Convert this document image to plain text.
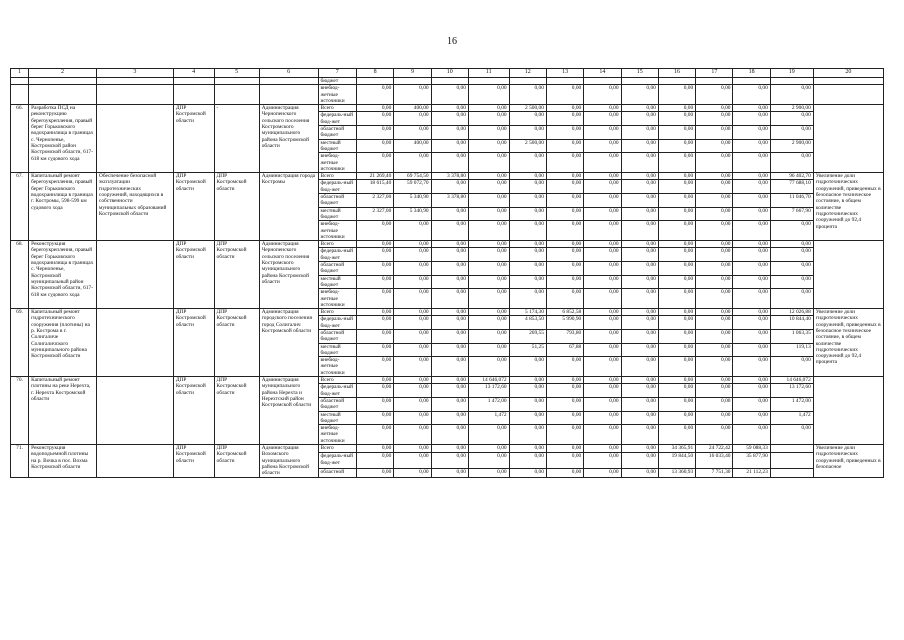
16
1	2	3	4	5	6	7	8	9	10	11	12	13	14	15	16	17	18	19	20
						бюджет													
						внебюд-жетные источники	0,00	0,00	0,00	0,00	0,00	0,00	0,00	0,00	0,00	0,00	0,00	0,00	
66.	Разработка ПСД на реконструкцию берегоукрепления, правый берег Горьковского водохранилища в границах с. Чернопенье, Костромской район Костромской области, 617-618 км судового хода		ДПР Костромской области	-	Администрация Чернопенского сельского поселения Костромского муниципального района Костромской области	Всего	0,00	400,00	0,00	0,00	2 500,00	0,00	0,00	0,00	0,00	0,00	0,00	2 900,00	
						федераль-ный бюд-жет	0,00	0,00	0,00	0,00	0,00	0,00	0,00	0,00	0,00	0,00	0,00	0,00	
						областной бюджет	0,00	0,00	0,00	0,00	0,00	0,00	0,00	0,00	0,00	0,00	0,00	0,00	
						местный бюджет	0,00	400,00	0,00	0,00	2 500,00	0,00	0,00	0,00	0,00	0,00	0,00	2 900,00	
						внебюд-жетные источники	0,00	0,00	0,00	0,00	0,00	0,00	0,00	0,00	0,00	0,00	0,00	0,00	
67.	Капитальный ремонт берегоукрепления, правый берег Горьковского водохранилища в границах г. Костромы, 598-599 км судового хода	Обеспечение безопасной эксплуатации гидротехнических сооружений, находящихся в собственности муниципальных образований Костромской области	ДПР Костромской области	ДПР Костромской области	Администрация города Костромы	Всего	21 269,40	69 754,50	3 378,80	0,00	0,00	0,00	0,00	0,00	0,00	0,00	0,00	96 402,70	Увеличение доли гидротехнических сооружений, приведенных в безопасное техническое состояние, в общем количестве гидротехнических сооружений до 92,4 процента
						федераль-ный бюд-жет	18 615,40	59 072,70	0,00	0,00	0,00	0,00	0,00	0,00	0,00	0,00	0,00	77 688,10	
						областной бюджет	2 327,00	5 340,90	3 378,80	0,00	0,00	0,00	0,00	0,00	0,00	0,00	0,00	11 046,70	
						местный бюджет	2 327,00	5 340,90	0,00	0,00	0,00	0,00	0,00	0,00	0,00	0,00	0,00	7 667,90	
						внебюд-жетные источники	0,00	0,00	0,00	0,00	0,00	0,00	0,00	0,00	0,00	0,00	0,00	0,00	
68.	Реконструкция берегоукрепления, правый берег Горьковского водохранилища в границах с. Чернопенье, Костромской муниципальный район Костромской области, 617-618 км судового хода		ДПР Костромской области	ДПР Костромской области	Администрация Чернопенского сельского поселения Костромского муниципального района Костромской области	Всего	0,00	0,00	0,00	0,00	0,00	0,00	0,00	0,00	0,00	0,00	0,00	0,00	
						федераль-ный бюд-жет	0,00	0,00	0,00	0,00	0,00	0,00	0,00	0,00	0,00	0,00	0,00	0,00	
						областной бюджет	0,00	0,00	0,00	0,00	0,00	0,00	0,00	0,00	0,00	0,00	0,00	0,00	
						местный бюджет	0,00	0,00	0,00	0,00	0,00	0,00	0,00	0,00	0,00	0,00	0,00	0,00	
						внебюд-жетные источники	0,00	0,00	0,00	0,00	0,00	0,00	0,00	0,00	0,00	0,00	0,00	0,00	
69.	Капитальный ремонт гидротехнического сооружения (плотины) на р. Кострома в г. Солигаличе Солигаличского муниципального района Костромской области		ДПР Костромской области	ДПР Костромской области	Администрация городского поселения город Солигалич Костромской области	Всего	0,00	0,00	0,00	0,00	5 174,30	6 852,58	0,00	0,00	0,00	0,00	0,00	12 026,88	Увеличение доли гидротехнических сооружений, приведенных в безопасное техническое состояние, в общем количестве гидротехнических сооружений до 92,4 процента
						федераль-ный бюд-жет	0,00	0,00	0,00	0,00	4 853,50	5 990,90	0,00	0,00	0,00	0,00	0,00	10 844,40	
						областной бюджет	0,00	0,00	0,00	0,00	269,55	793,80	0,00	0,00	0,00	0,00	0,00	1 063,35	
						местный бюджет	0,00	0,00	0,00	0,00	51,25	67,88	0,00	0,00	0,00	0,00	0,00	119,13	
						внебюд-жетные источники	0,00	0,00	0,00	0,00	0,00	0,00	0,00	0,00	0,00	0,00	0,00	0,00	
70.	Капитальный ремонт плотины на реке Нерехта, г. Нерехта Костромской области		ДПР Костромской области	ДПР Костромской области	Администрация муниципального района Нерехта и Нерехтский район Костромской области	Всего	0,00	0,00	0,00	14 646,072	0,00	0,00	0,00	0,00	0,00	0,00	0,00	14 646,072	
						федераль-ный бюд-жет	0,00	0,00	0,00	13 172,60	0,00	0,00	0,00	0,00	0,00	0,00	0,00	13 172,60	
						областной бюджет	0,00	0,00	0,00	1 472,00	0,00	0,00	0,00	0,00	0,00	0,00	0,00	1 472,00	
						местный бюджет	0,00	0,00	0,00	1,472	0,00	0,00	0,00	0,00	0,00	0,00	0,00	1,472	
						внебюд-жетные источники	0,00	0,00	0,00	0,00	0,00	0,00	0,00	0,00	0,00	0,00	0,00	0,00	
71.	Реконструкция водоподъемной плотины на р. Вочка в пос. Вохма Костромской области		ДПР Костромской области	ДПР Костромской области	Администрация Вохомского муниципального района Костромской области	Всего	0,00	0,00	0,00	0,00	0,00	0,00	0,00	0,00	34 365,91	24 722,42	59 088,33		Увеличение доли гидротехнических сооружений, приведенных в безопасное
						федераль-ный бюд-жет	0,00	0,00	0,00	0,00	0,00	0,00	0,00	0,00	19 844,50	16 033,40	35 877,90		
						областной	0,00	0,00	0,00	0,00	0,00	0,00	0,00	0,00	13 360,93	7 751,30	21 112,23		
